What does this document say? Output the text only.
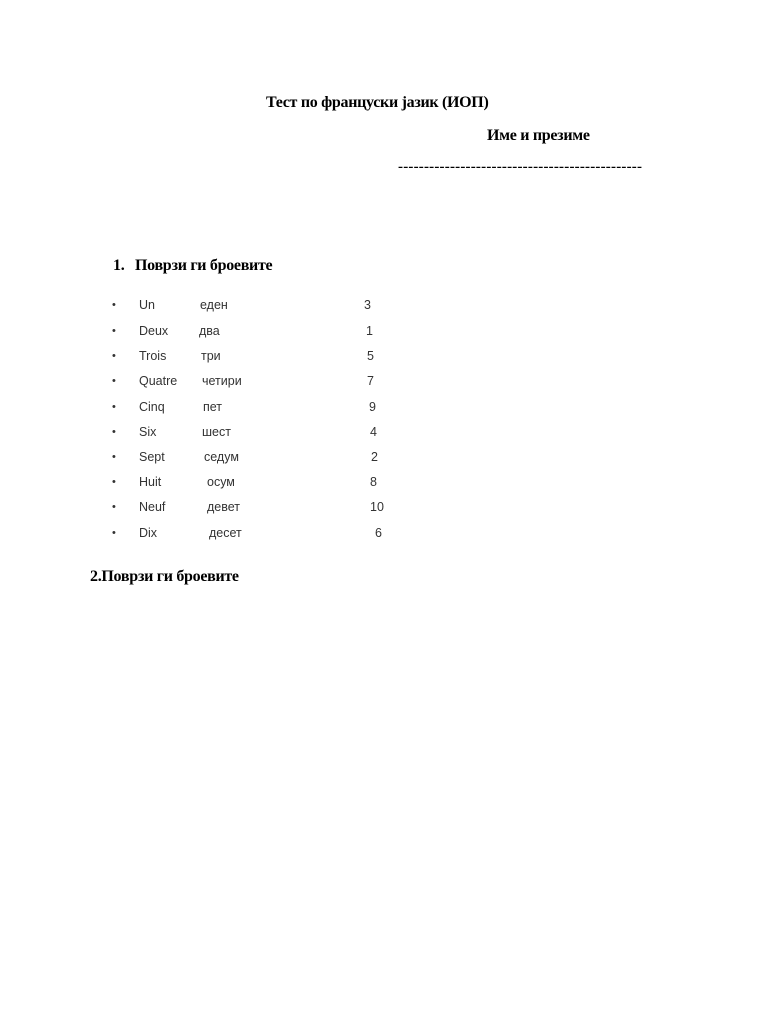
Тест по француски јазик (ИОП)
Име и презиме
-----------------------------------------------
1. Поврзи ги броевите
• Un	еден	3
• Deux два	1
• Trois	три	5
• Quatre четири	7
• Cinq	пет	9
• Six	шест	4
• Sept	седум	2
• Huit	осум	8
• Neuf	девет	10
• Dix	десет	6
2.Поврзи ги броевите
